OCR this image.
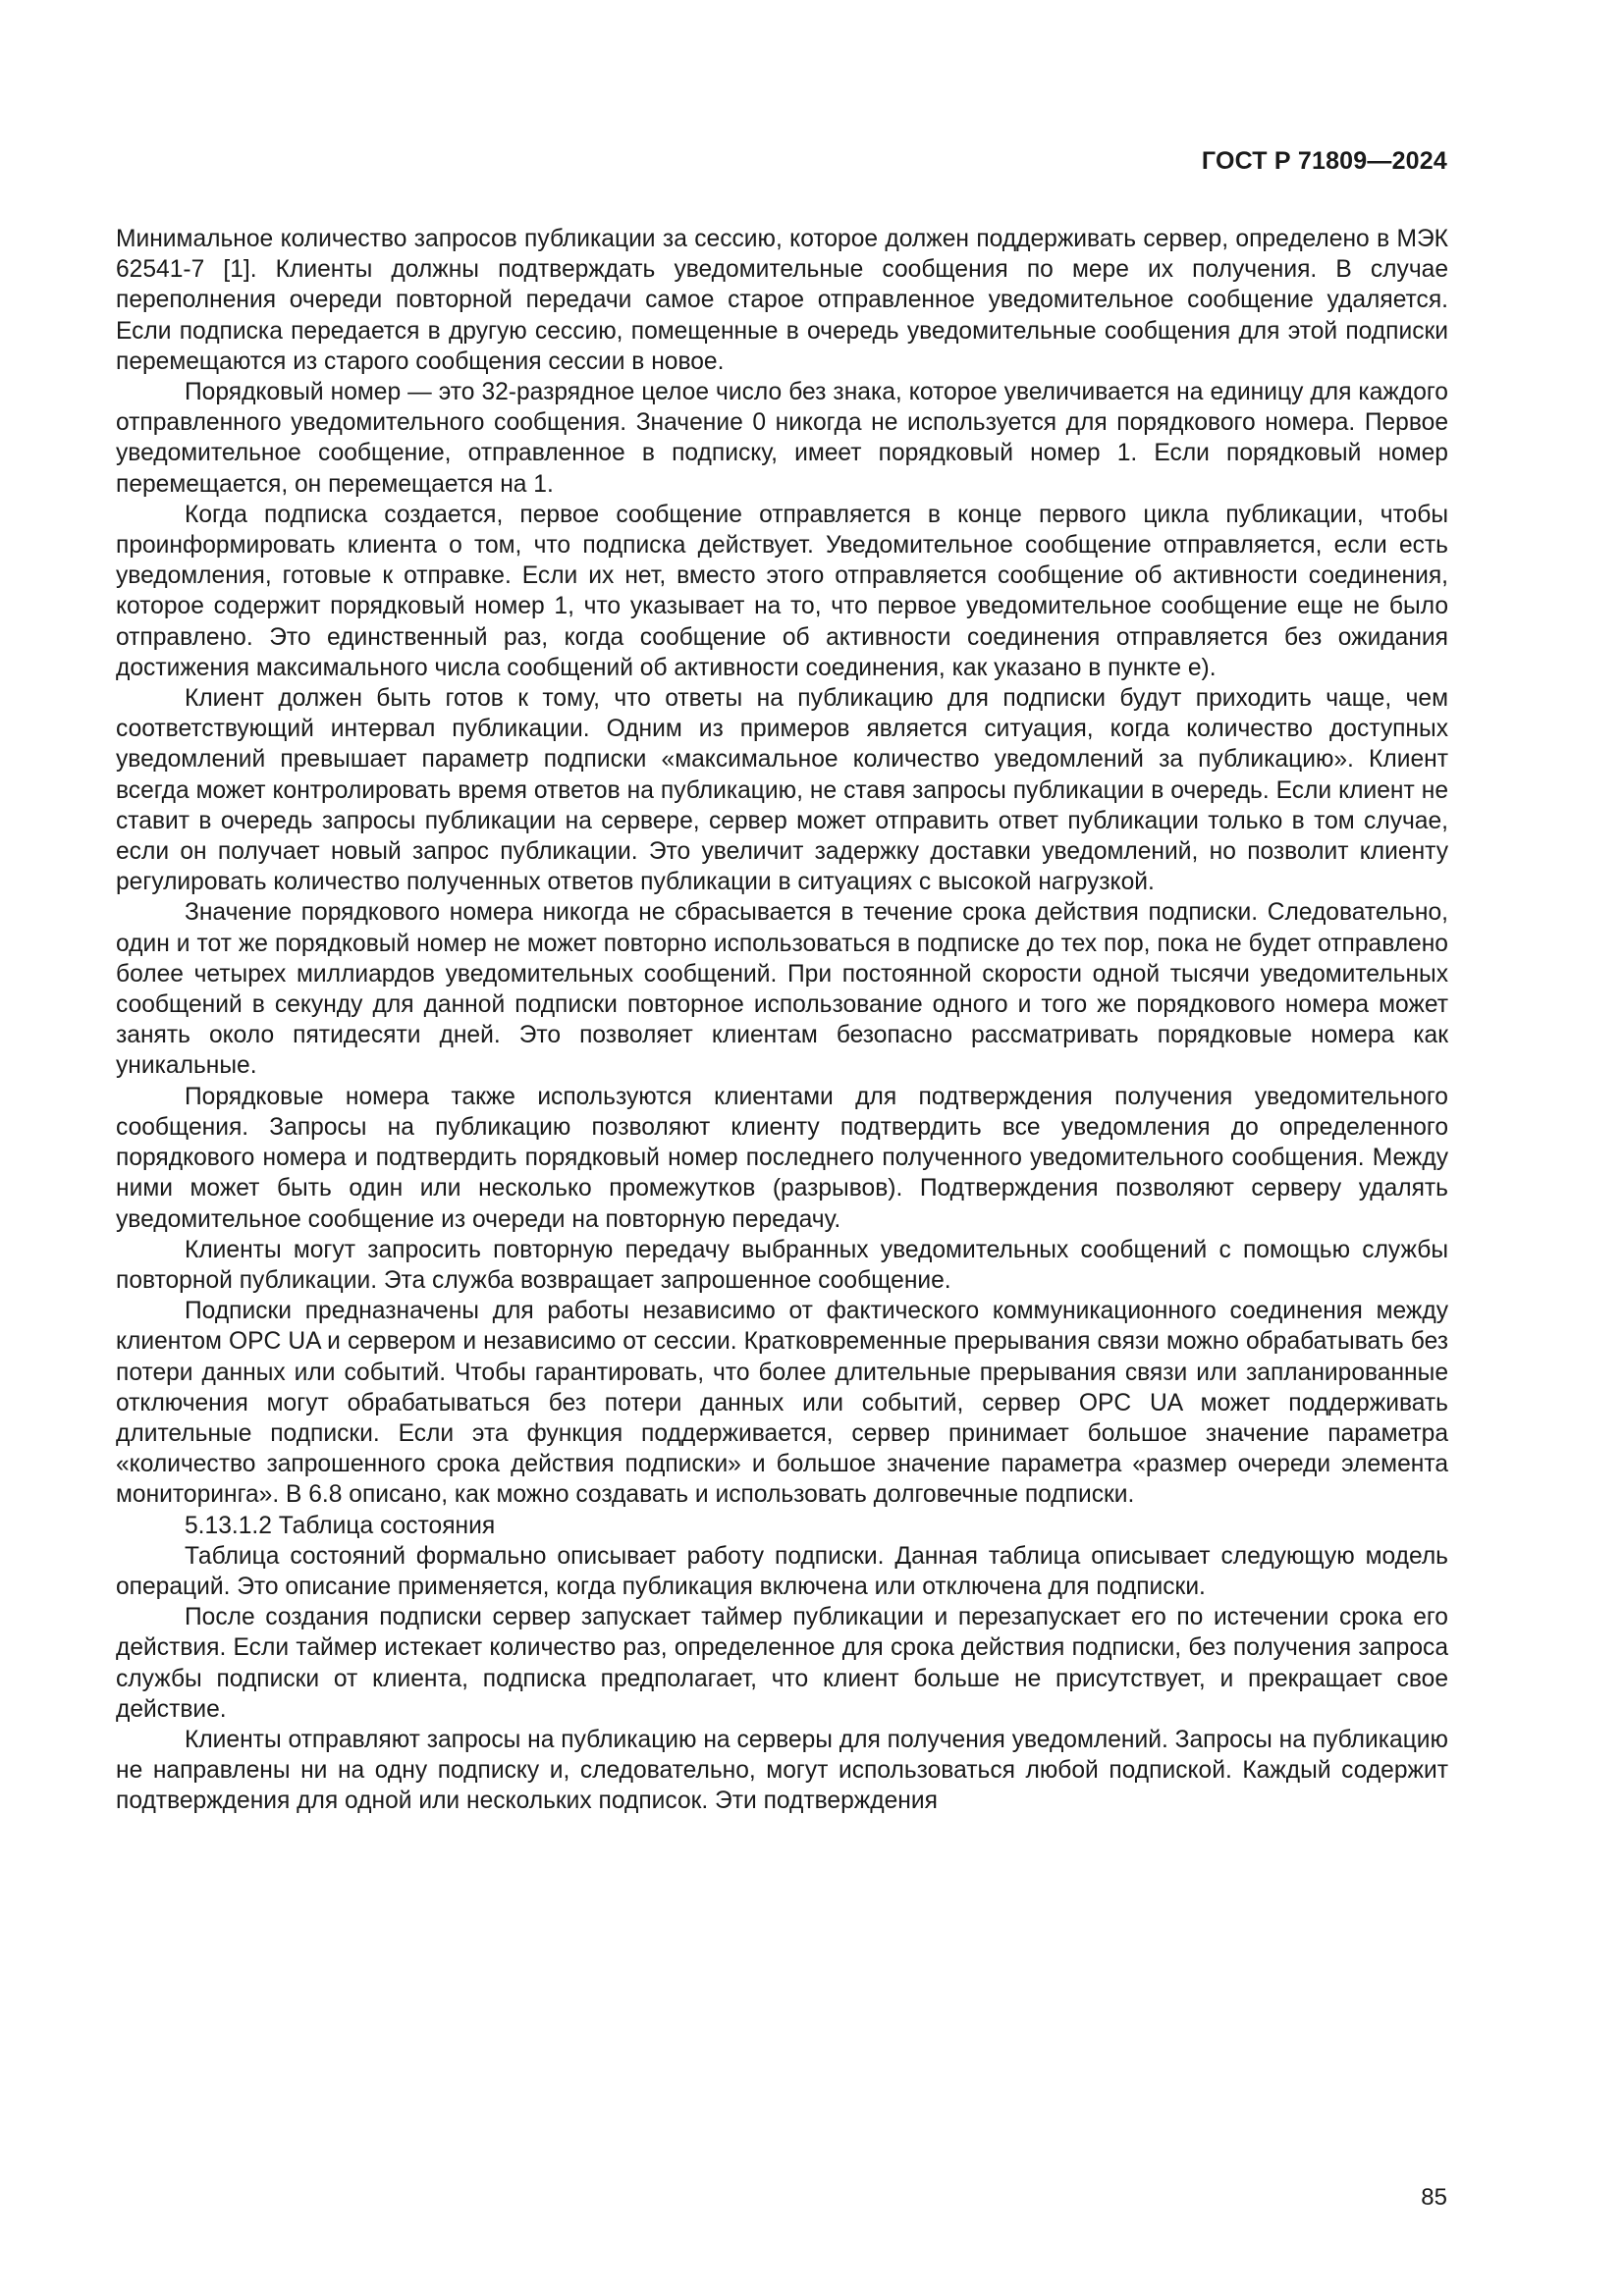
ГОСТ Р 71809—2024

Минимальное количество запросов публикации за сессию, которое должен поддерживать сервер, определено в МЭК 62541-7 [1]. Клиенты должны подтверждать уведомительные сообщения по мере их получения. В случае переполнения очереди повторной передачи самое старое отправленное уведомительное сообщение удаляется. Если подписка передается в другую сессию, помещенные в очередь уведомительные сообщения для этой подписки перемещаются из старого сообщения сессии в новое.

Порядковый номер — это 32-разрядное целое число без знака, которое увеличивается на единицу для каждого отправленного уведомительного сообщения. Значение 0 никогда не используется для порядкового номера. Первое уведомительное сообщение, отправленное в подписку, имеет порядковый номер 1. Если порядковый номер перемещается, он перемещается на 1.

Когда подписка создается, первое сообщение отправляется в конце первого цикла публикации, чтобы проинформировать клиента о том, что подписка действует. Уведомительное сообщение отправляется, если есть уведомления, готовые к отправке. Если их нет, вместо этого отправляется сообщение об активности соединения, которое содержит порядковый номер 1, что указывает на то, что первое уведомительное сообщение еще не было отправлено. Это единственный раз, когда сообщение об активности соединения отправляется без ожидания достижения максимального числа сообщений об активности соединения, как указано в пункте е).

Клиент должен быть готов к тому, что ответы на публикацию для подписки будут приходить чаще, чем соответствующий интервал публикации. Одним из примеров является ситуация, когда количество доступных уведомлений превышает параметр подписки «максимальное количество уведомлений за публикацию». Клиент всегда может контролировать время ответов на публикацию, не ставя запросы публикации в очередь. Если клиент не ставит в очередь запросы публикации на сервере, сервер может отправить ответ публикации только в том случае, если он получает новый запрос публикации. Это увеличит задержку доставки уведомлений, но позволит клиенту регулировать количество полученных ответов публикации в ситуациях с высокой нагрузкой.

Значение порядкового номера никогда не сбрасывается в течение срока действия подписки. Следовательно, один и тот же порядковый номер не может повторно использоваться в подписке до тех пор, пока не будет отправлено более четырех миллиардов уведомительных сообщений. При постоянной скорости одной тысячи уведомительных сообщений в секунду для данной подписки повторное использование одного и того же порядкового номера может занять около пятидесяти дней. Это позволяет клиентам безопасно рассматривать порядковые номера как уникальные.

Порядковые номера также используются клиентами для подтверждения получения уведомительного сообщения. Запросы на публикацию позволяют клиенту подтвердить все уведомления до определенного порядкового номера и подтвердить порядковый номер последнего полученного уведомительного сообщения. Между ними может быть один или несколько промежутков (разрывов). Подтверждения позволяют серверу удалять уведомительное сообщение из очереди на повторную передачу.

Клиенты могут запросить повторную передачу выбранных уведомительных сообщений с помощью службы повторной публикации. Эта служба возвращает запрошенное сообщение.

Подписки предназначены для работы независимо от фактического коммуникационного соединения между клиентом OPC UA и сервером и независимо от сессии. Кратковременные прерывания связи можно обрабатывать без потери данных или событий. Чтобы гарантировать, что более длительные прерывания связи или запланированные отключения могут обрабатываться без потери данных или событий, сервер OPC UA может поддерживать длительные подписки. Если эта функция поддерживается, сервер принимает большое значение параметра «количество запрошенного срока действия подписки» и большое значение параметра «размер очереди элемента мониторинга». В 6.8 описано, как можно создавать и использовать долговечные подписки.

5.13.1.2 Таблица состояния

Таблица состояний формально описывает работу подписки. Данная таблица описывает следующую модель операций. Это описание применяется, когда публикация включена или отключена для подписки.

После создания подписки сервер запускает таймер публикации и перезапускает его по истечении срока его действия. Если таймер истекает количество раз, определенное для срока действия подписки, без получения запроса службы подписки от клиента, подписка предполагает, что клиент больше не присутствует, и прекращает свое действие.

Клиенты отправляют запросы на публикацию на серверы для получения уведомлений. Запросы на публикацию не направлены ни на одну подписку и, следовательно, могут использоваться любой подпиской. Каждый содержит подтверждения для одной или нескольких подписок. Эти подтверждения

85
